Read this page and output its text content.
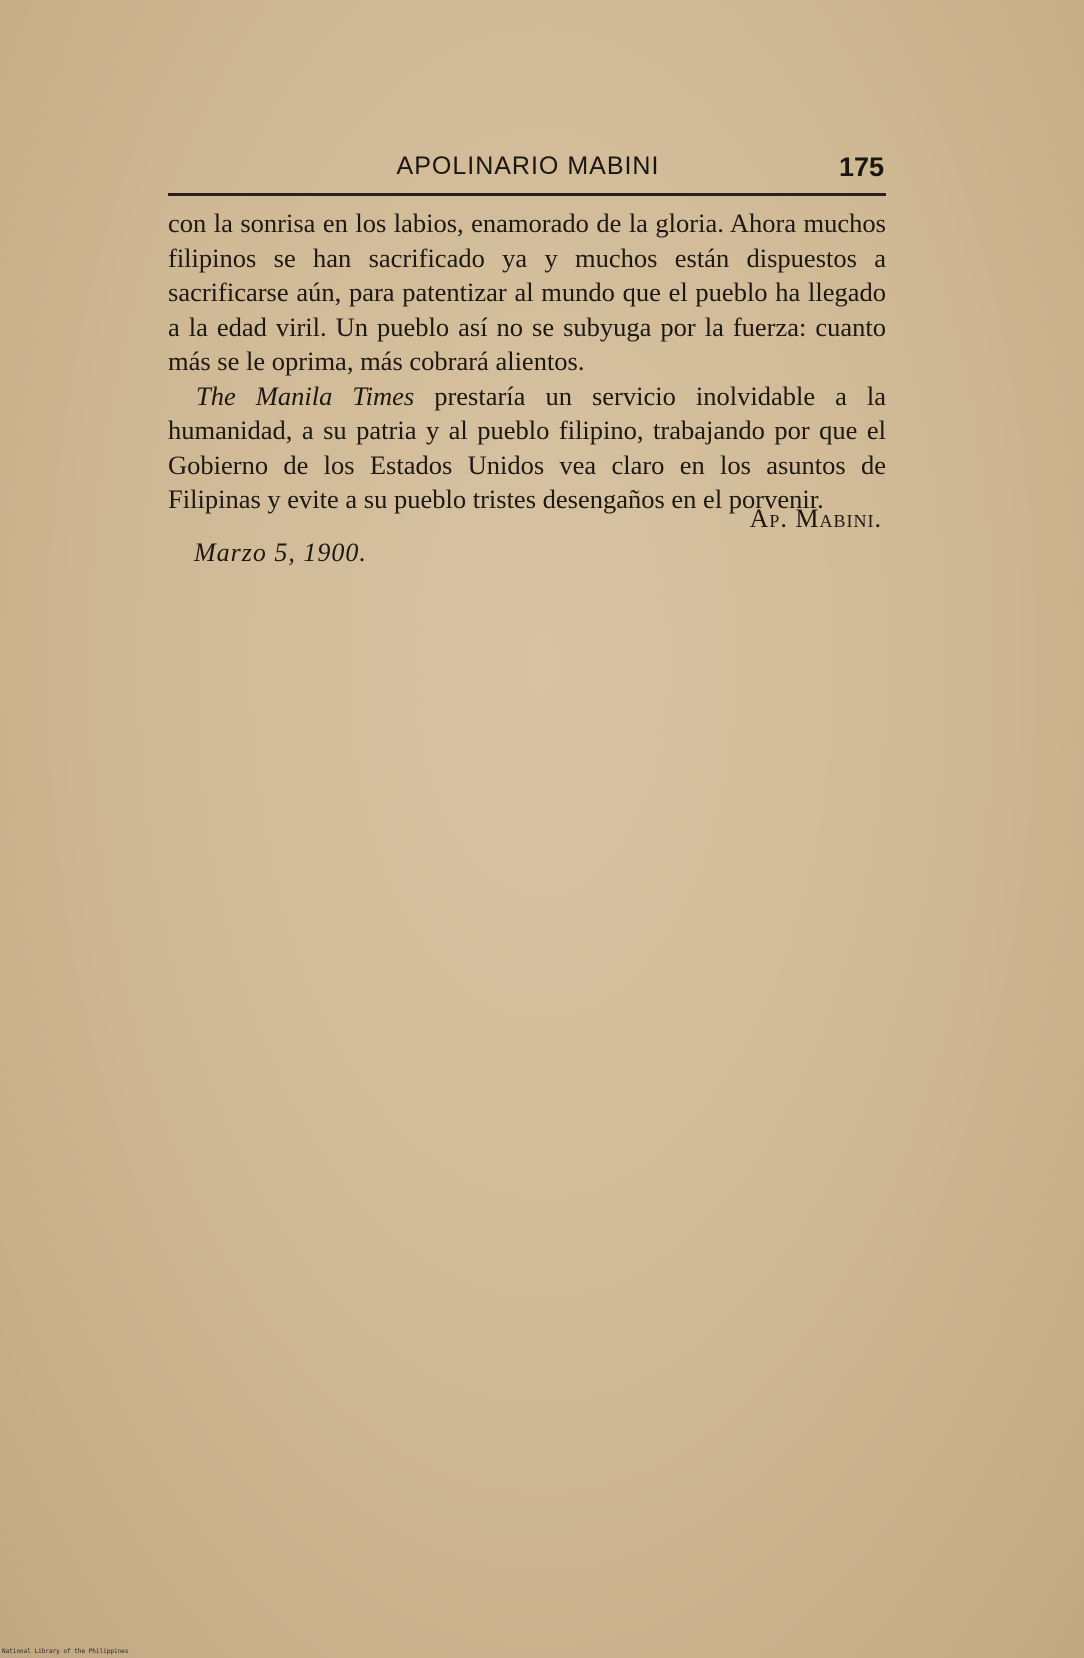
APOLINARIO MABINI	175

con la sonrisa en los labios, enamorado de la gloria. Ahora muchos filipinos se han sacrificado ya y muchos están dispuestos a sacrificarse aún, para patentizar al mundo que el pueblo ha llegado a la edad viril. Un pueblo así no se subyuga por la fuerza: cuanto más se le oprima, más cobrará alientos.

The Manila Times prestaría un servicio inolvidable a la humanidad, a su patria y al pueblo filipino, trabajando por que el Gobierno de los Estados Unidos vea claro en los asuntos de Filipinas y evite a su pueblo tristes desengaños en el porvenir.

Ap. Mabini.
Marzo 5, 1900.
National Library of the Philippines
